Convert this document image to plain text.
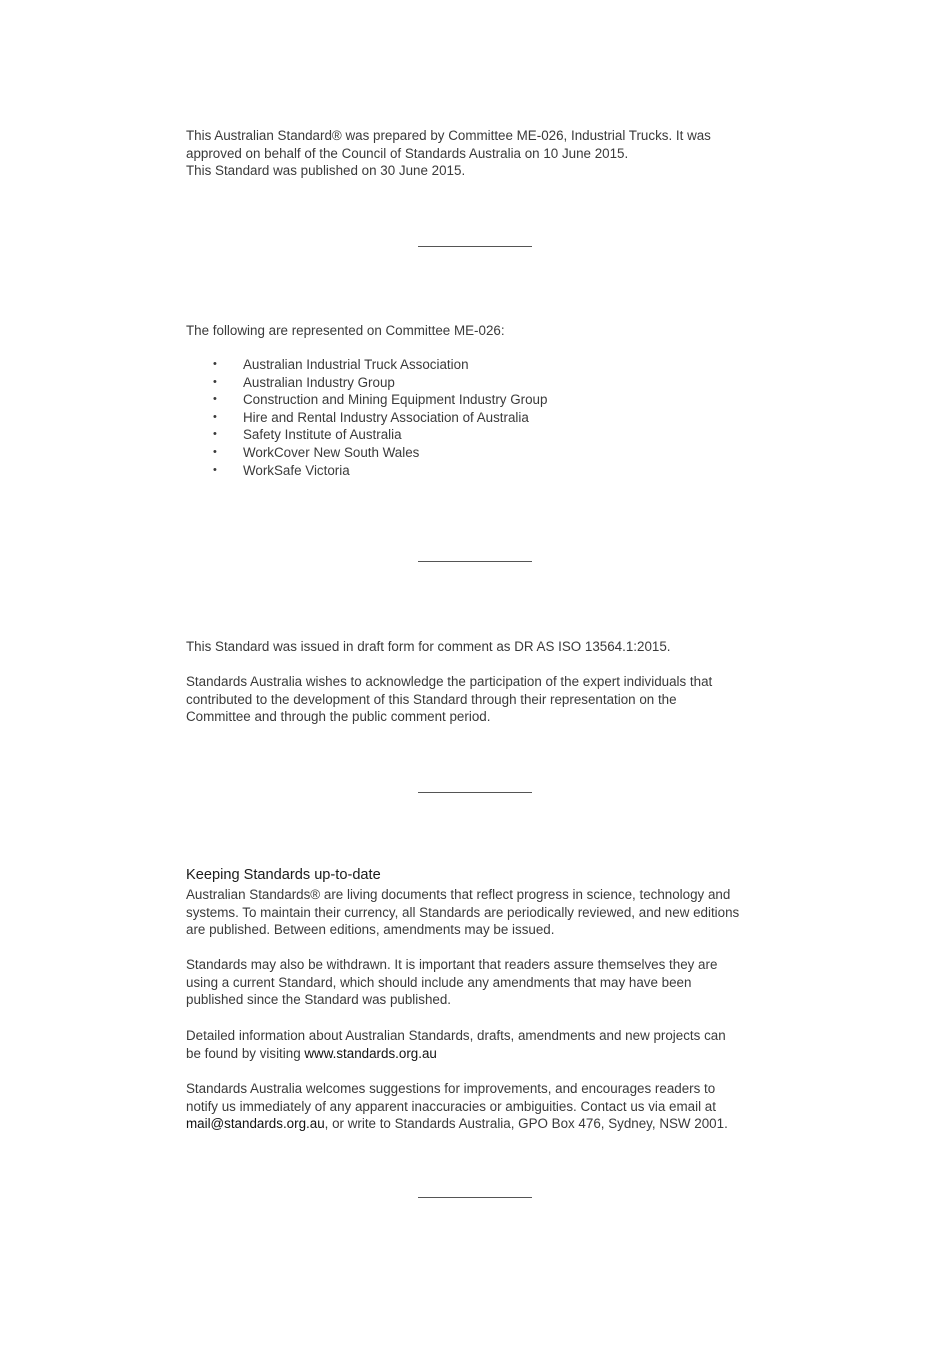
This Australian Standard® was prepared by Committee ME-026, Industrial Trucks. It was
approved on behalf of the Council of Standards Australia on 10 June 2015.
This Standard was published on 30 June 2015.

The following are represented on Committee ME-026:

• Australian Industrial Truck Association
• Australian Industry Group
• Construction and Mining Equipment Industry Group
• Hire and Rental Industry Association of Australia
• Safety Institute of Australia
• WorkCover New South Wales
• WorkSafe Victoria

This Standard was issued in draft form for comment as DR AS ISO 13564.1:2015.

Standards Australia wishes to acknowledge the participation of the expert individuals that
contributed to the development of this Standard through their representation on the
Committee and through the public comment period.

Keeping Standards up-to-date

Australian Standards® are living documents that reflect progress in science, technology and
systems. To maintain their currency, all Standards are periodically reviewed, and new editions
are published. Between editions, amendments may be issued.

Standards may also be withdrawn. It is important that readers assure themselves they are
using a current Standard, which should include any amendments that may have been
published since the Standard was published.

Detailed information about Australian Standards, drafts, amendments and new projects can
be found by visiting www.standards.org.au

Standards Australia welcomes suggestions for improvements, and encourages readers to
notify us immediately of any apparent inaccuracies or ambiguities. Contact us via email at
mail@standards.org.au, or write to Standards Australia, GPO Box 476, Sydney, NSW 2001.
